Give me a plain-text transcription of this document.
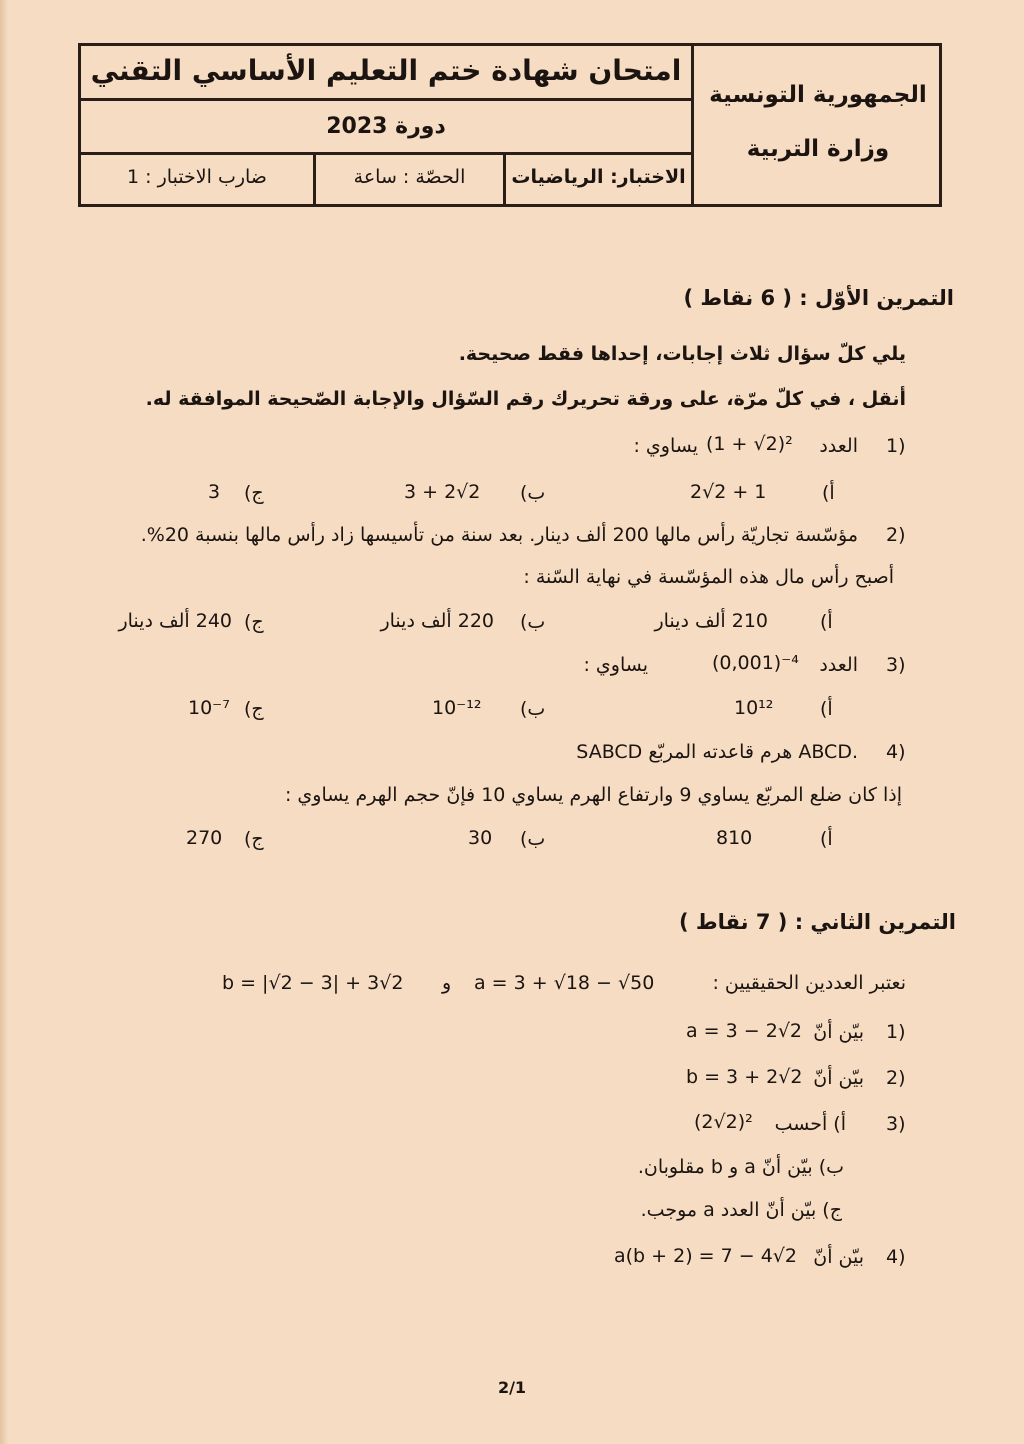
امتحان شهادة ختم التعليم الأساسي التقني
دورة 2023
الاختبار: الرياضيات
الحصّة : ساعة
ضارب الاختبار : 1
الجمهورية التونسية
وزارة التربية
التمرين الأوّل : ( 6 نقاط )
يلي كلّ سؤال ثلاث إجابات، إحداها فقط صحيحة.
أنقل ، في كلّ مرّة، على ورقة تحريرك رقم السّؤال والإجابة الصّحيحة الموافقة له.
1)
العدد
(1 + √2)²
يساوي :
أ)
2√2 + 1
ب)
3 + 2√2
ج)
3
2)
مؤسّسة تجاريّة رأس مالها 200 ألف دينار. بعد سنة من تأسيسها زاد رأس مالها بنسبة 20%.
أصبح رأس مال هذه المؤسّسة في نهاية السّنة :
أ)
210 ألف دينار
ب)
220 ألف دينار
ج)
240 ألف دينار
3)
العدد
(0,001)⁻⁴
يساوي :
أ)
10¹²
ب)
10⁻¹²
ج)
10⁻⁷
4)
SABCD هرم قاعدته المربّع ABCD.
إذا كان ضلع المربّع يساوي 9 وارتفاع الهرم يساوي 10 فإنّ حجم الهرم يساوي :
أ)
810
ب)
30
ج)
270
التمرين الثاني : ( 7 نقاط )
نعتبر العددين الحقيقيين :
a = 3 + √18 − √50
و
b = |√2 − 3| + 3√2
1)
بيّن أنّ
a = 3 − 2√2
2)
بيّن أنّ
b = 3 + 2√2
3)
أ) أحسب
(2√2)²
ب) بيّن أنّ a و b مقلوبان.
ج) بيّن أنّ العدد a موجب.
4)
بيّن أنّ
a(b + 2) = 7 − 4√2
2/1
